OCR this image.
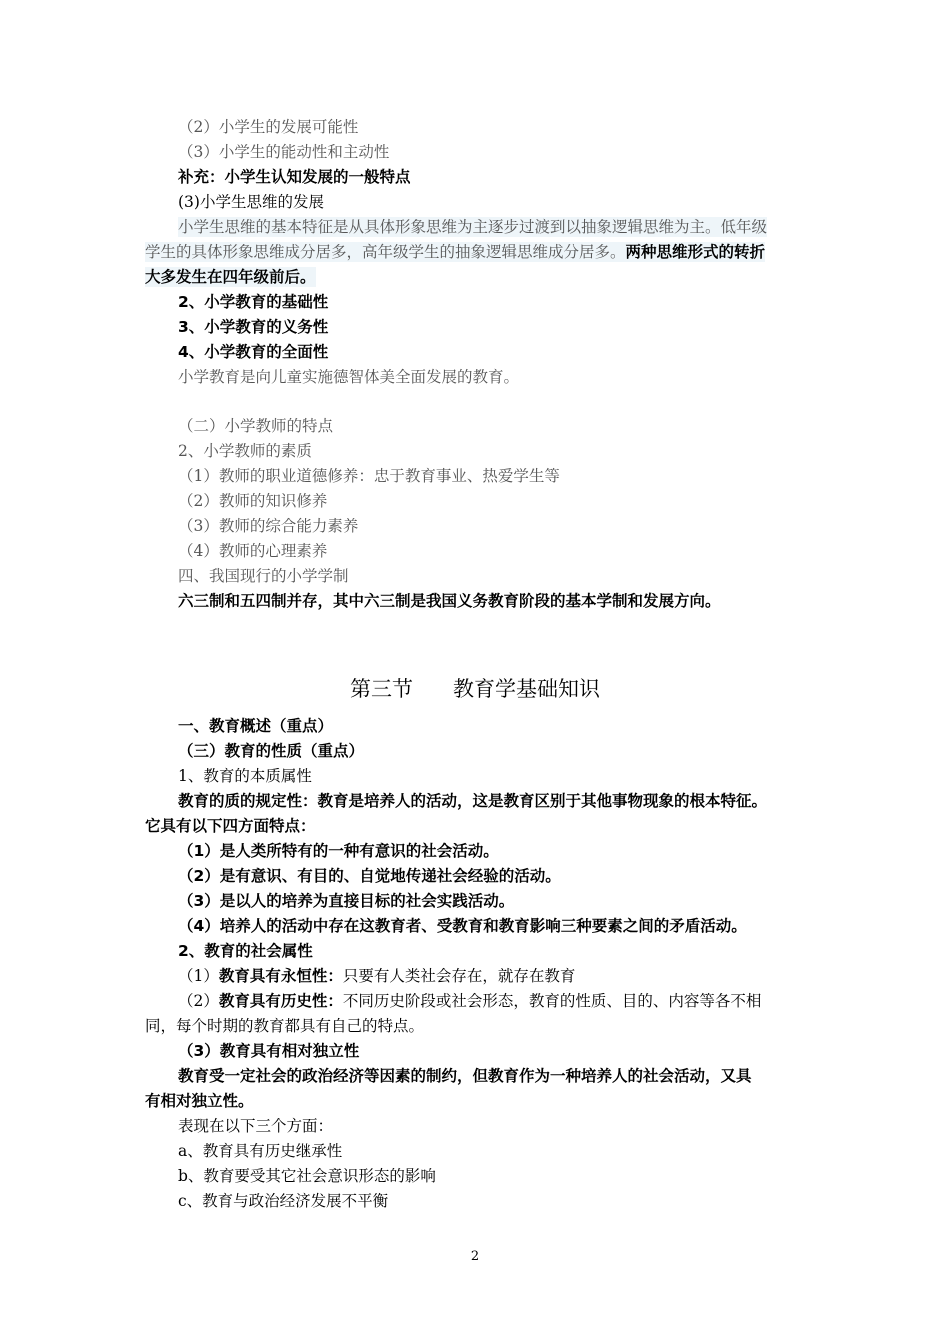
（2）小学生的发展可能性
（3）小学生的能动性和主动性
补充：小学生认知发展的一般特点
(3)小学生思维的发展
小学生思维的基本特征是从具体形象思维为主逐步过渡到以抽象逻辑思维为主。低年级
学生的具体形象思维成分居多，高年级学生的抽象逻辑思维成分居多。两种思维形式的转折
大多发生在四年级前后。
2、小学教育的基础性
3、小学教育的义务性
4、小学教育的全面性
小学教育是向儿童实施德智体美全面发展的教育。
（二）小学教师的特点
2、小学教师的素质
（1）教师的职业道德修养：忠于教育事业、热爱学生等
（2）教师的知识修养
（3）教师的综合能力素养
（4）教师的心理素养
四、我国现行的小学学制
六三制和五四制并存，其中六三制是我国义务教育阶段的基本学制和发展方向。
第三节      教育学基础知识
一、教育概述（重点）
（三）教育的性质（重点）
1、教育的本质属性
教育的质的规定性：教育是培养人的活动，这是教育区别于其他事物现象的根本特征。
它具有以下四方面特点：
（1）是人类所特有的一种有意识的社会活动。
（2）是有意识、有目的、自觉地传递社会经验的活动。
（3）是以人的培养为直接目标的社会实践活动。
（4）培养人的活动中存在这教育者、受教育和教育影响三种要素之间的矛盾活动。
2、教育的社会属性
（1）教育具有永恒性：只要有人类社会存在，就存在教育
（2）教育具有历史性：不同历史阶段或社会形态，教育的性质、目的、内容等各不相
同，每个时期的教育都具有自己的特点。
（3）教育具有相对独立性
教育受一定社会的政治经济等因素的制约，但教育作为一种培养人的社会活动，又具
有相对独立性。
表现在以下三个方面：
a、教育具有历史继承性
b、教育要受其它社会意识形态的影响
c、教育与政治经济发展不平衡
2
